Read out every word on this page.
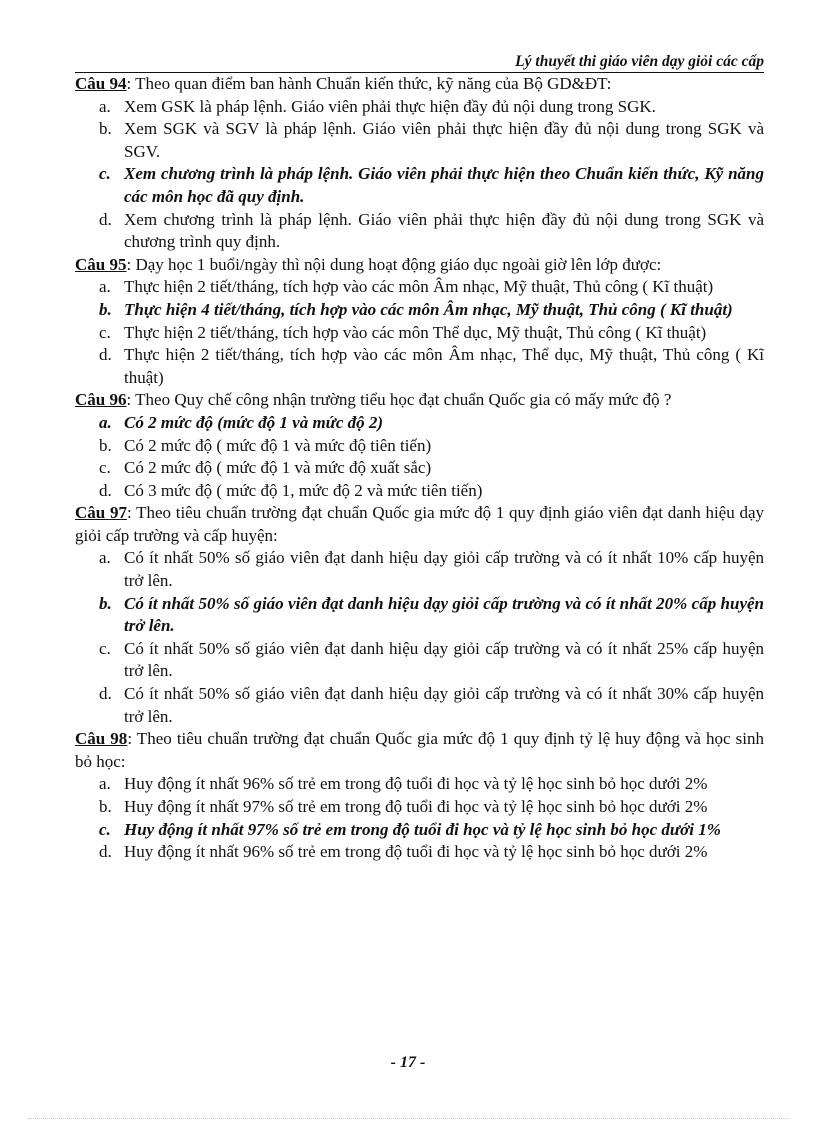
Lý thuyết thi giáo viên dạy giỏi các cấp
Câu 94: Theo quan điểm ban hành Chuẩn kiến thức, kỹ năng của Bộ GD&ĐT:
a. Xem GSK là pháp lệnh. Giáo viên phải thực hiện đầy đủ nội dung trong SGK.
b. Xem SGK và SGV là pháp lệnh. Giáo viên phải thực hiện đầy đủ nội dung trong SGK và SGV.
c. Xem chương trình là pháp lệnh. Giáo viên phải thực hiện theo Chuẩn kiến thức, Kỹ năng các môn học đã quy định.
d. Xem chương trình là pháp lệnh. Giáo viên phải thực hiện đầy đủ nội dung trong SGK và chương trình quy định.
Câu 95: Dạy học 1 buổi/ngày thì nội dung hoạt động giáo dục ngoài giờ lên lớp được:
a. Thực hiện 2 tiết/tháng, tích hợp vào các môn Âm nhạc, Mỹ thuật, Thủ công ( Kĩ thuật)
b. Thực hiện 4 tiết/tháng, tích hợp vào các môn Âm nhạc, Mỹ thuật, Thủ công ( Kĩ thuật)
c. Thực hiện 2 tiết/tháng, tích hợp vào các môn Thể dục, Mỹ thuật, Thủ công ( Kĩ thuật)
d. Thực hiện 2 tiết/tháng, tích hợp vào các môn Âm nhạc, Thể dục, Mỹ thuật, Thủ công ( Kĩ thuật)
Câu 96: Theo Quy chế công nhận trường tiểu học đạt chuẩn Quốc gia có mấy mức độ ?
a. Có 2 mức độ (mức độ 1 và mức độ 2)
b. Có 2 mức độ ( mức độ 1 và mức độ tiên tiến)
c. Có 2 mức độ ( mức độ 1 và mức độ xuất sắc)
d. Có 3 mức độ ( mức độ 1, mức độ 2 và mức tiên tiến)
Câu 97: Theo tiêu chuẩn trường đạt chuẩn Quốc gia mức độ 1 quy định giáo viên đạt danh hiệu dạy giỏi cấp trường và cấp huyện:
a. Có ít nhất 50% số giáo viên đạt danh hiệu dạy giỏi cấp trường và có ít nhất 10% cấp huyện trở lên.
b. Có ít nhất 50% số giáo viên đạt danh hiệu dạy giỏi cấp trường và có ít nhất 20% cấp huyện trở lên.
c. Có ít nhất 50% số giáo viên đạt danh hiệu dạy giỏi cấp trường và có ít nhất 25% cấp huyện trở lên.
d. Có ít nhất 50% số giáo viên đạt danh hiệu dạy giỏi cấp trường và có ít nhất 30% cấp huyện trở lên.
Câu 98: Theo tiêu chuẩn trường đạt chuẩn Quốc gia mức độ 1 quy định tỷ lệ huy động và học sinh bỏ học:
a. Huy động ít nhất 96% số trẻ em trong độ tuổi đi học và tỷ lệ học sinh bỏ học dưới 2%
b. Huy động ít nhất 97% số trẻ em trong độ tuổi đi học và tỷ lệ học sinh bỏ học dưới 2%
c. Huy động ít nhất 97% số trẻ em trong độ tuổi đi học và tỷ lệ học sinh bỏ học dưới 1%
d. Huy động ít nhất 96% số trẻ em trong độ tuổi đi học và tỷ lệ học sinh bỏ học dưới 2%
- 17 -
